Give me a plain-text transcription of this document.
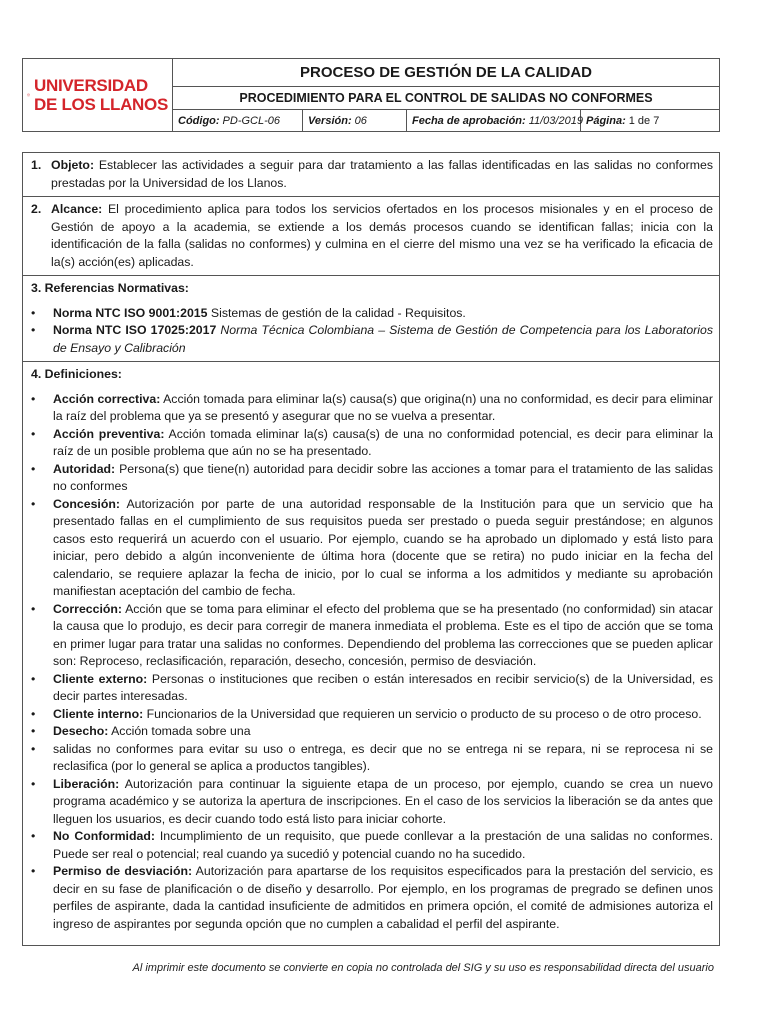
SEMILLA DEL LLANO
UNIVERSIDAD
DE LOS LLANOS
PROCESO DE GESTIÓN DE LA CALIDAD
PROCEDIMIENTO PARA EL CONTROL DE SALIDAS NO CONFORMES
Código: PD-GCL-06	Versión: 06	Fecha de aprobación: 11/03/2019 Página: 1 de 7
1. Objeto: Establecer las actividades a seguir para dar tratamiento a las fallas identificadas en las salidas no conformes prestadas por la Universidad de los Llanos.
2. Alcance: El procedimiento aplica para todos los servicios ofertados en los procesos misionales y en el proceso de Gestión de apoyo a la academia, se extiende a los demás procesos cuando se identifican fallas; inicia con la identificación de la falla (salidas no conformes) y culmina en el cierre del mismo una vez se ha verificado la eficacia de la(s) acción(es) aplicadas.
3. Referencias Normativas:
•	Norma NTC ISO 9001:2015 Sistemas de gestión de la calidad - Requisitos.
•	Norma NTC ISO 17025:2017 Norma Técnica Colombiana – Sistema de Gestión de Competencia para los Laboratorios de Ensayo y Calibración
4. Definiciones:
•	Acción correctiva: Acción tomada para eliminar la(s) causa(s) que origina(n) una no conformidad, es decir para eliminar la raíz del problema que ya se presentó y asegurar que no se vuelva a presentar.
•	Acción preventiva: Acción tomada eliminar la(s) causa(s) de una no conformidad potencial, es decir para eliminar la raíz de un posible problema que aún no se ha presentado.
•	Autoridad: Persona(s) que tiene(n) autoridad para decidir sobre las acciones a tomar para el tratamiento de las salidas no conformes
•	Concesión: Autorización por parte de una autoridad responsable de la Institución para que un servicio que ha presentado fallas en el cumplimiento de sus requisitos pueda ser prestado o pueda seguir prestándose; en algunos casos esto requerirá un acuerdo con el usuario. Por ejemplo, cuando se ha aprobado un diplomado y está listo para iniciar, pero debido a algún inconveniente de última hora (docente que se retira) no pudo iniciar en la fecha del calendario, se requiere aplazar la fecha de inicio, por lo cual se informa a los admitidos y mediante su aprobación manifiestan aceptación del cambio de fecha.
•	Corrección: Acción que se toma para eliminar el efecto del problema que se ha presentado (no conformidad) sin atacar la causa que lo produjo, es decir para corregir de manera inmediata el problema. Este es el tipo de acción que se toma en primer lugar para tratar una salidas no conformes. Dependiendo del problema las correcciones que se pueden aplicar son: Reproceso, reclasificación, reparación, desecho, concesión, permiso de desviación.
•	Cliente externo: Personas o instituciones que reciben o están interesados en recibir servicio(s) de la Universidad, es decir partes interesadas.
•	Cliente interno: Funcionarios de la Universidad que requieren un servicio o producto de su proceso o de otro proceso.
•	Desecho: Acción tomada sobre una
•	salidas no conformes para evitar su uso o entrega, es decir que no se entrega ni se repara, ni se reprocesa ni se reclasifica (por lo general se aplica a productos tangibles).
•	Liberación: Autorización para continuar la siguiente etapa de un proceso, por ejemplo, cuando se crea un nuevo programa académico y se autoriza la apertura de inscripciones. En el caso de los servicios la liberación se da antes que lleguen los usuarios, es decir cuando todo está listo para iniciar cohorte.
•	No Conformidad: Incumplimiento de un requisito, que puede conllevar a la prestación de una salidas no conformes. Puede ser real o potencial; real cuando ya sucedió y potencial cuando no ha sucedido.
•	Permiso de desviación: Autorización para apartarse de los requisitos especificados para la prestación del servicio, es decir en su fase de planificación o de diseño y desarrollo. Por ejemplo, en los programas de pregrado se definen unos perfiles de aspirante, dada la cantidad insuficiente de admitidos en primera opción, el comité de admisiones autoriza el ingreso de aspirantes por segunda opción que no cumplen a cabalidad el perfil del aspirante.
Al imprimir este documento se convierte en copia no controlada del SIG y su uso es responsabilidad directa del usuario
